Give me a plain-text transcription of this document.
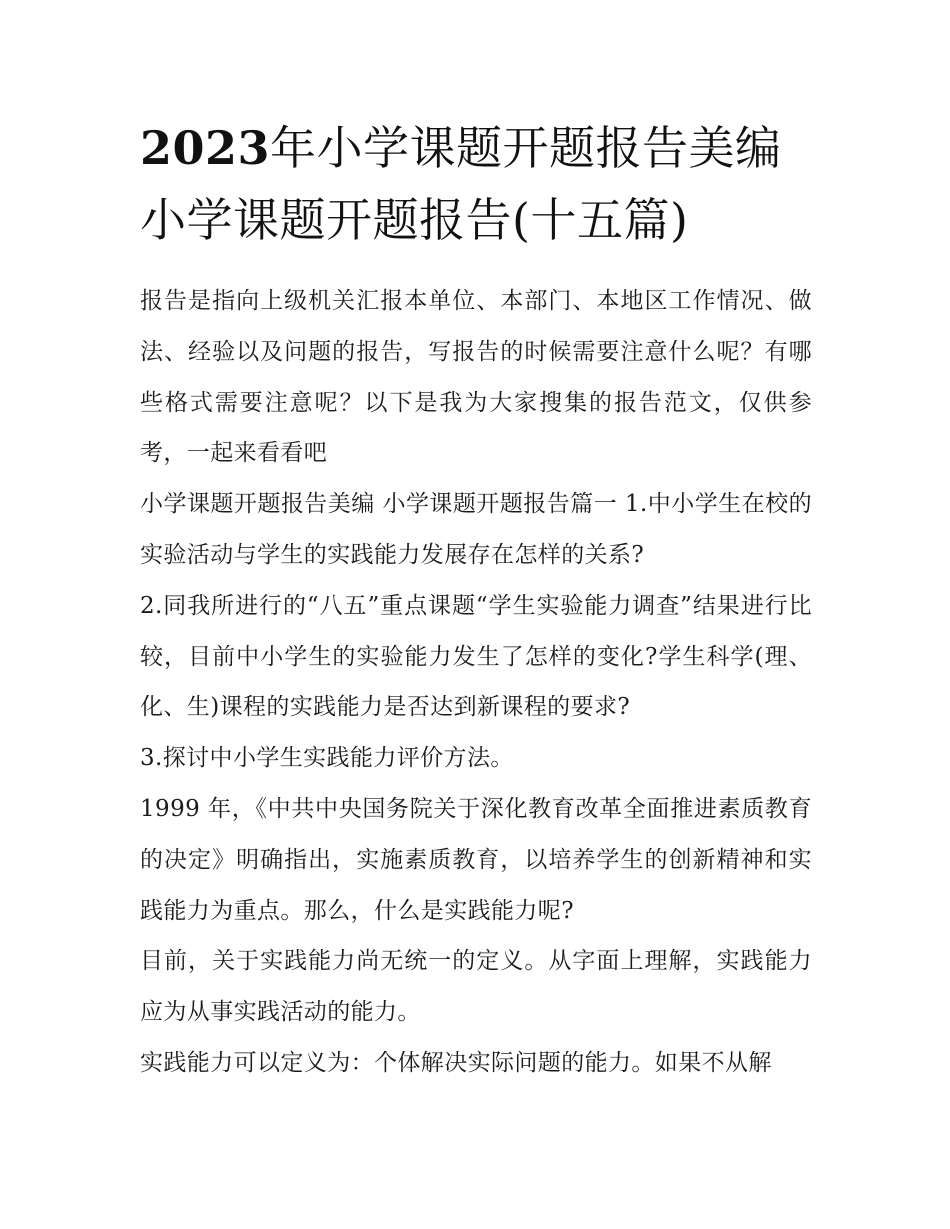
2023年小学课题开题报告美编小学课题开题报告(十五篇)

报告是指向上级机关汇报本单位、本部门、本地区工作情况、做法、经验以及问题的报告，写报告的时候需要注意什么呢？有哪些格式需要注意呢？以下是我为大家搜集的报告范文，仅供参考，一起来看看吧

小学课题开题报告美编 小学课题开题报告篇一 1.中小学生在校的实验活动与学生的实践能力发展存在怎样的关系?

2.同我所进行的“八五”重点课题“学生实验能力调查”结果进行比较，目前中小学生的实验能力发生了怎样的变化?学生科学(理、化、生)课程的实践能力是否达到新课程的要求?

3.探讨中小学生实践能力评价方法。

1999 年，《中共中央国务院关于深化教育改革全面推进素质教育的决定》明确指出，实施素质教育，以培养学生的创新精神和实践能力为重点。那么，什么是实践能力呢?

目前，关于实践能力尚无统一的定义。从字面上理解，实践能力应为从事实践活动的能力。

实践能力可以定义为：个体解决实际问题的能力。如果不从解
